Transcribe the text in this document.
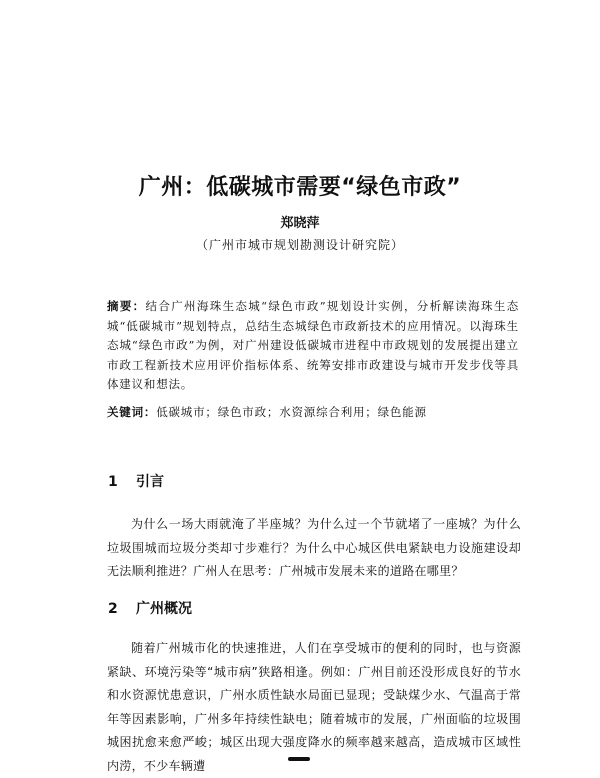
广州：低碳城市需要“绿色市政”
郑晓萍
（广州市城市规划勘测设计研究院）
摘要：结合广州海珠生态城“绿色市政”规划设计实例，分析解读海珠生态城“低碳城市”规划特点，总结生态城绿色市政新技术的应用情况。以海珠生态城“绿色市政”为例，对广州建设低碳城市进程中市政规划的发展提出建立市政工程新技术应用评价指标体系、统筹安排市政建设与城市开发步伐等具体建议和想法。
关键词：低碳城市；绿色市政；水资源综合利用；绿色能源
1 引言
为什么一场大雨就淹了半座城？为什么过一个节就堵了一座城？为什么垃圾围城而垃圾分类却寸步难行？为什么中心城区供电紧缺电力设施建设却无法顺利推进？广州人在思考：广州城市发展未来的道路在哪里？
2 广州概况
随着广州城市化的快速推进，人们在享受城市的便利的同时，也与资源紧缺、环境污染等“城市病”狭路相逢。例如：广州目前还没形成良好的节水和水资源忧患意识，广州水质性缺水局面已显现；受缺煤少水、气温高于常年等因素影响，广州多年持续性缺电；随着城市的发展，广州面临的垃圾围城困扰愈来愈严峻；城区出现大强度降水的频率越来越高，造成城市区域性内涝，不少车辆遭
